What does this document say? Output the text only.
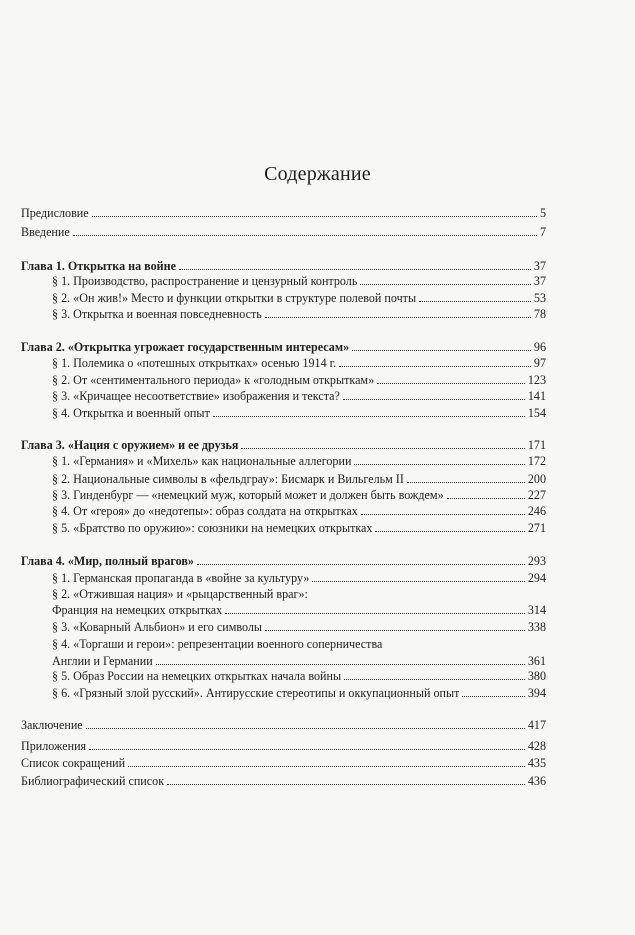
Содержание
Предисловие	5
Введение	7
Глава 1. Открытка на войне	37
§ 1. Производство, распространение и цензурный контроль	37
§ 2. «Он жив!» Место и функции открытки в структуре полевой почты	53
§ 3. Открытка и военная повседневность	78
Глава 2. «Открытка угрожает государственным интересам»	96
§ 1. Полемика о «потешных открытках» осенью 1914 г.	97
§ 2. От «сентиментального периода» к «голодным открыткам»	123
§ 3. «Кричащее несоответствие» изображения и текста?	141
§ 4. Открытка и военный опыт	154
Глава 3. «Нация с оружием» и ее друзья	171
§ 1. «Германия» и «Михель» как национальные аллегории	172
§ 2. Национальные символы в «фельдграу»: Бисмарк и Вильгельм II	200
§ 3. Гинденбург — «немецкий муж, который может и должен быть вождем»	227
§ 4. От «героя» до «недотепы»: образ солдата на открытках	246
§ 5. «Братство по оружию»: союзники на немецких открытках	271
Глава 4. «Мир, полный врагов»	293
§ 1. Германская пропаганда в «войне за культуру»	294
§ 2. «Отжившая нация» и «рыцарственный враг»:
Франция на немецких открытках	314
§ 3. «Коварный Альбион» и его символы	338
§ 4. «Торгаши и герои»: репрезентации военного соперничества
Англии и Германии	361
§ 5. Образ России на немецких открытках начала войны	380
§ 6. «Грязный злой русский». Антирусские стереотипы и оккупационный опыт	394
Заключение	417
Приложения	428
Список сокращений	435
Библиографический список	436
